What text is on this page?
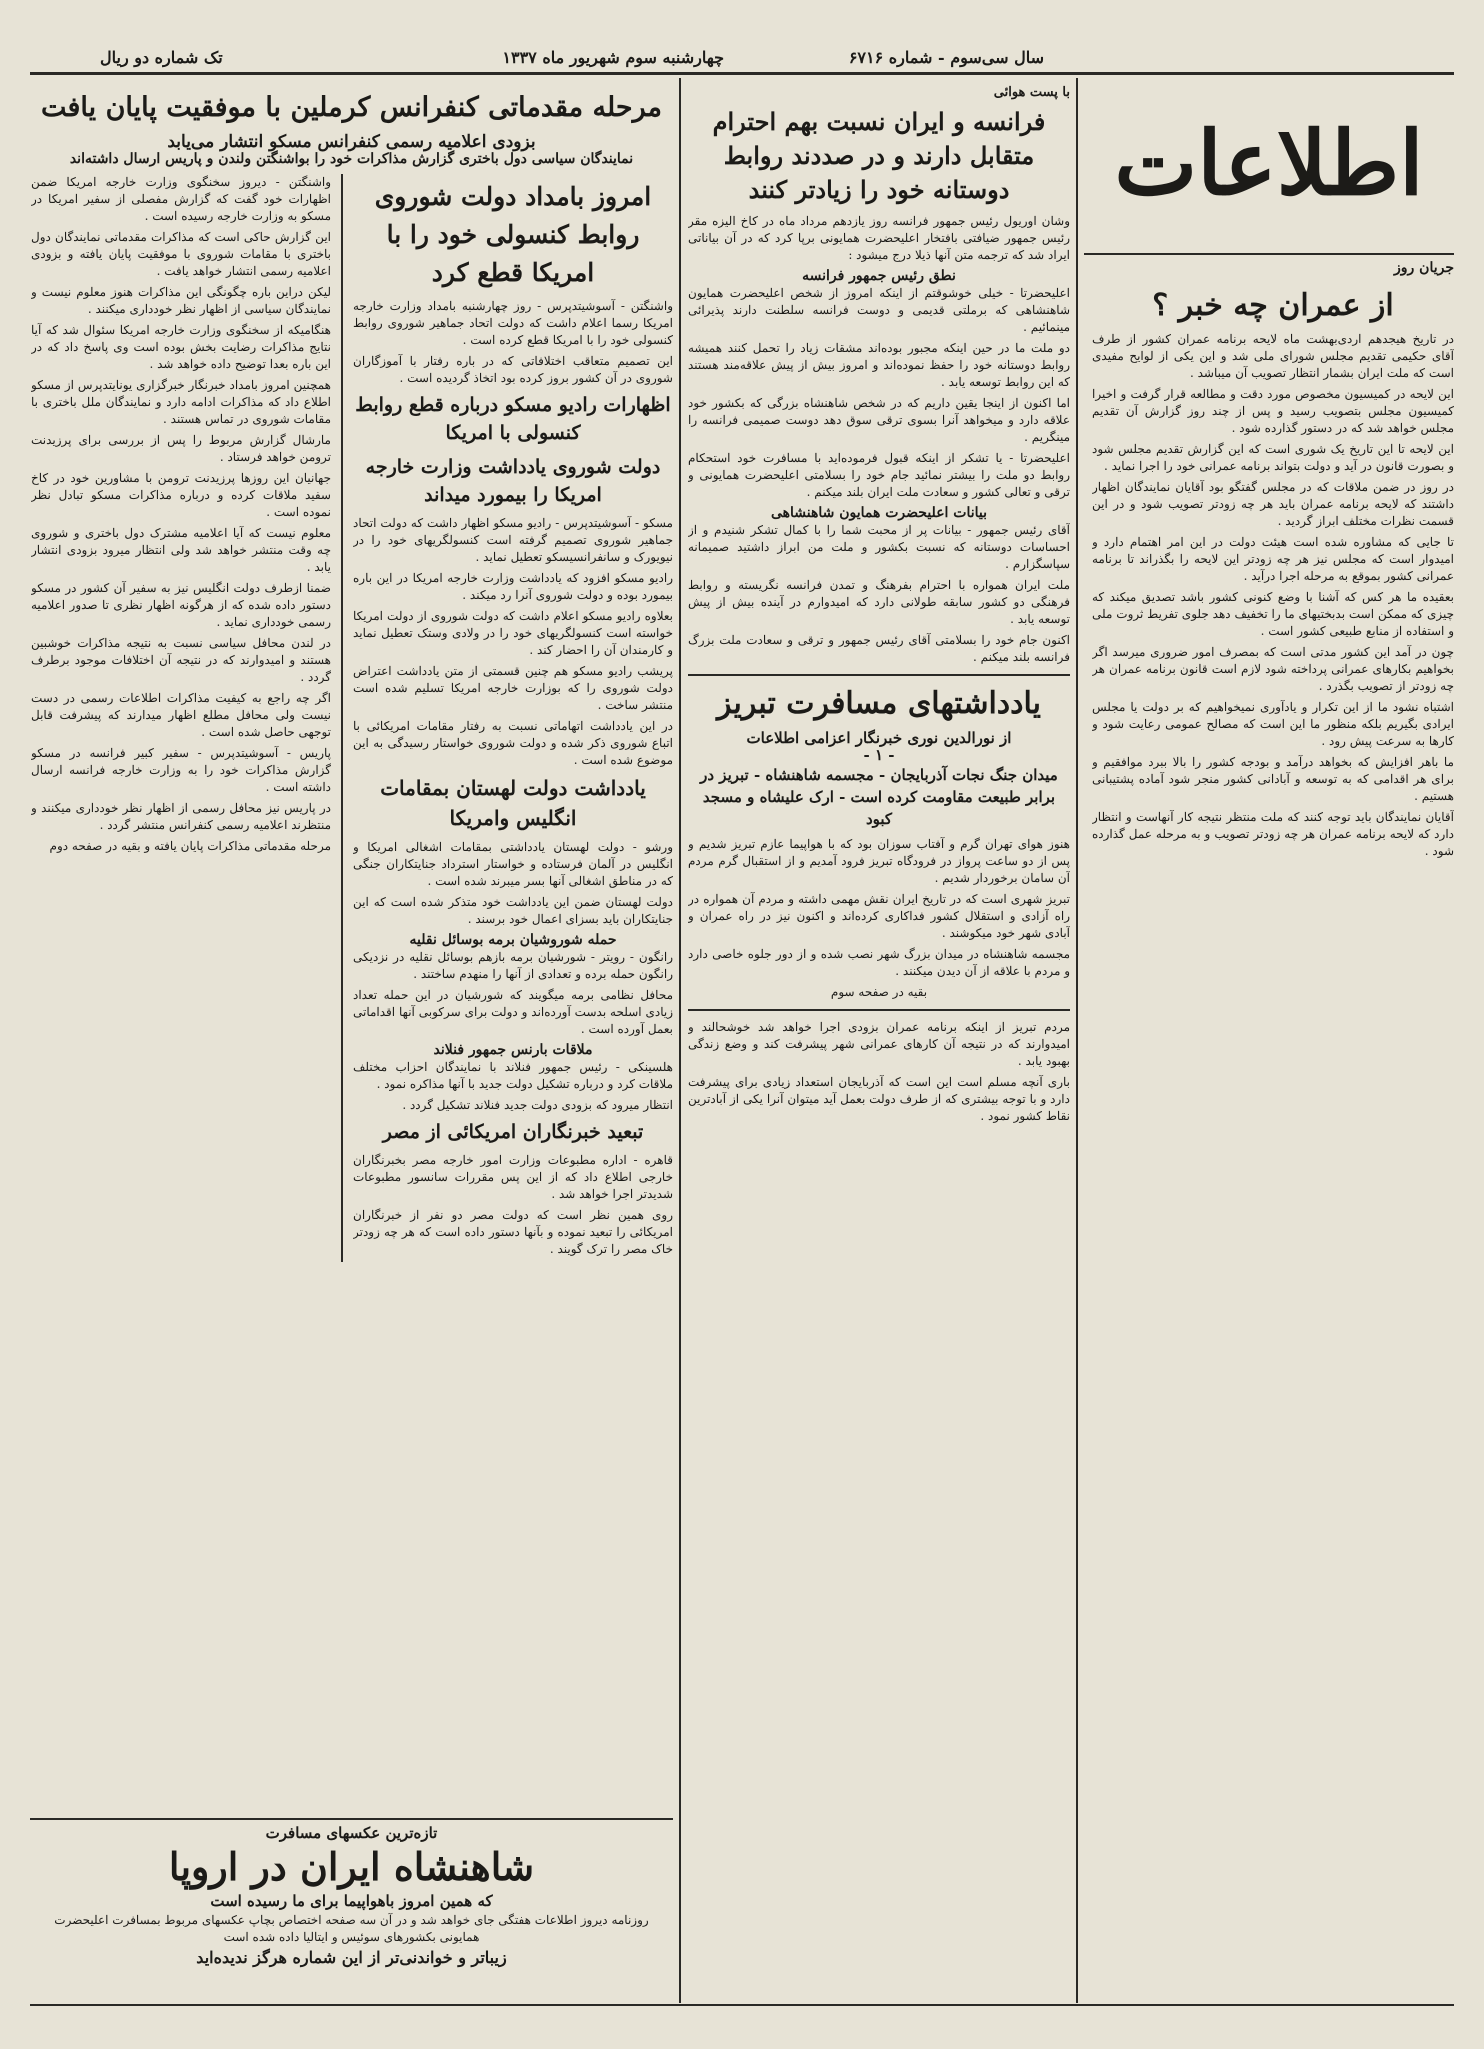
سال سی‌سوم - شماره ۶۷۱۶
چهارشنبه سوم شهریور ماه ۱۳۳۷
تک شماره دو ریال
اطلاعات
جریان روز
از عمران چه خبر ؟

در تاریخ هیجدهم اردی‌بهشت ماه لایحه برنامه عمران کشور از طرف آقای حکیمی تقدیم مجلس شورای ملی شد و این یکی از لوایح مفیدی است که ملت ایران بشمار انتظار تصویب آن میباشد .

این لایحه در کمیسیون مخصوص مورد دقت و مطالعه قرار گرفت و اخیرا کمیسیون مجلس بتصویب رسید و پس از چند روز گزارش آن تقدیم مجلس خواهد شد که در دستور گذارده شود .

این لایحه تا این تاریخ یک شوری است که این گزارش تقدیم مجلس شود و بصورت قانون در آید و دولت بتواند برنامه عمرانی خود را اجرا نماید .

در روز در ضمن ملاقات که در مجلس گفتگو بود آقایان نمایندگان اظهار داشتند که لایحه برنامه عمران باید هر چه زودتر تصویب شود و در این قسمت نظرات مختلف ابراز گردید .

تا جایی که مشاوره شده است هیئت دولت در این امر اهتمام دارد و امیدوار است که مجلس نیز هر چه زودتر این لایحه را بگذراند تا برنامه عمرانی کشور بموقع به مرحله اجرا درآید .

بعقیده ما هر کس که آشنا با وضع کنونی کشور باشد تصدیق میکند که چیزی که ممکن است بدبختیهای ما را تخفیف دهد جلوی تفریط ثروت ملی و استفاده از منابع طبیعی کشور است .

چون در آمد این کشور مدتی است که بمصرف امور ضروری میرسد اگر بخواهیم بکارهای عمرانی پرداخته شود لازم است قانون برنامه عمران هر چه زودتر از تصویب بگذرد .

اشتباه نشود ما از این تکرار و یادآوری نمیخواهیم که بر دولت یا مجلس ایرادی بگیریم بلکه منظور ما این است که مصالح عمومی رعایت شود و کارها به سرعت پیش رود .

ما باهر افزایش که بخواهد درآمد و بودجه کشور را بالا ببرد موافقیم و برای هر اقدامی که به توسعه و آبادانی کشور منجر شود آماده پشتیبانی هستیم .

آقایان نمایندگان باید توجه کنند که ملت منتظر نتیجه کار آنهاست و انتظار دارد که لایحه برنامه عمران هر چه زودتر تصویب و به مرحله عمل گذارده شود .

با پست هوائی
فرانسه و ایران نسبت بهم احترام متقابل دارند و در صددند روابط دوستانه خود را زیادتر کنند

وشان اوریول رئیس جمهور فرانسه روز یازدهم مرداد ماه در کاخ الیزه مقر رئیس جمهور ضیافتی بافتخار اعلیحضرت همایونی برپا کرد که در آن بیاناتی ایراد شد که ترجمه متن آنها ذیلا درج میشود :

نطق رئیس جمهور فرانسه

اعلیحضرتا - خیلی خوشوقتم از اینکه امروز از شخص اعلیحضرت همایون شاهنشاهی که برملتی قدیمی و دوست فرانسه سلطنت دارند پذیرائی مینمائیم .

دو ملت ما در حین اینکه مجبور بوده‌اند مشقات زیاد را تحمل کنند همیشه روابط دوستانه خود را حفظ نموده‌اند و امروز بیش از پیش علاقه‌مند هستند که این روابط توسعه یابد .

اما اکنون از اینجا یقین داریم که در شخص شاهنشاه بزرگی که بکشور خود علاقه دارد و میخواهد آنرا بسوی ترقی سوق دهد دوست صمیمی فرانسه را مینگریم .

اعلیحضرتا - یا تشکر از اینکه قبول فرموده‌اید با مسافرت خود استحکام روابط دو ملت را بیشتر نمائید جام خود را بسلامتی اعلیحضرت همایونی و ترقی و تعالی کشور و سعادت ملت ایران بلند میکنم .

بیانات اعلیحضرت همایون شاهنشاهی

آقای رئیس جمهور - بیانات پر از محبت شما را با کمال تشکر شنیدم و از احساسات دوستانه که نسبت بکشور و ملت من ابراز داشتید صمیمانه سپاسگزارم .

ملت ایران همواره با احترام بفرهنگ و تمدن فرانسه نگریسته و روابط فرهنگی دو کشور سابقه طولانی دارد که امیدوارم در آینده بیش از پیش توسعه یابد .

اکنون جام خود را بسلامتی آقای رئیس جمهور و ترقی و سعادت ملت بزرگ فرانسه بلند میکنم .

یادداشتهای مسافرت تبریز
از نورالدین نوری خبرنگار اعزامی اطلاعات
- ۱ -
میدان جنگ نجات آذربایجان - مجسمه شاهنشاه - تبریز در برابر طبیعت مقاومت کرده است - ارک علیشاه و مسجد کبود

هنوز هوای تهران گرم و آفتاب سوزان بود که با هواپیما عازم تبریز شدیم و پس از دو ساعت پرواز در فرودگاه تبریز فرود آمدیم و از استقبال گرم مردم آن سامان برخوردار شدیم .

تبریز شهری است که در تاریخ ایران نقش مهمی داشته و مردم آن همواره در راه آزادی و استقلال کشور فداکاری کرده‌اند و اکنون نیز در راه عمران و آبادی شهر خود میکوشند .

مجسمه شاهنشاه در میدان بزرگ شهر نصب شده و از دور جلوه خاصی دارد و مردم با علاقه از آن دیدن میکنند .

بقیه در صفحه سوم

مردم تبریز از اینکه برنامه عمران بزودی اجرا خواهد شد خوشحالند و امیدوارند که در نتیجه آن کارهای عمرانی شهر پیشرفت کند و وضع زندگی بهبود یابد .

باری آنچه مسلم است این است که آذربایجان استعداد زیادی برای پیشرفت دارد و با توجه بیشتری که از طرف دولت بعمل آید میتوان آنرا یکی از آبادترین نقاط کشور نمود .

مرحله مقدماتی کنفرانس کرملین با موفقیت پایان یافت
بزودی اعلامیه رسمی کنفرانس مسکو انتشار می‌یابد
نمایندگان سیاسی دول باختری گزارش مذاکرات خود را بواشنگتن ولندن و پاریس ارسال داشته‌اند
امروز بامداد دولت شوروی روابط کنسولی خود را با امریکا قطع کرد

واشنگتن - آسوشیتدپرس - روز چهارشنبه بامداد وزارت خارجه امریکا رسما اعلام داشت که دولت اتحاد جماهیر شوروی روابط کنسولی خود را با امریکا قطع کرده است .

این تصمیم متعاقب اختلافاتی که در باره رفتار با آموزگاران شوروی در آن کشور بروز کرده بود اتخاذ گردیده است .

اظهارات رادیو مسکو درباره قطع روابط کنسولی با امریکا
دولت شوروی یادداشت وزارت خارجه امریکا را بیمورد میداند

مسکو - آسوشیتدپرس - رادیو مسکو اظهار داشت که دولت اتحاد جماهیر شوروی تصمیم گرفته است کنسولگریهای خود را در نیویورک و سانفرانسیسکو تعطیل نماید .

رادیو مسکو افزود که یادداشت وزارت خارجه امریکا در این باره بیمورد بوده و دولت شوروی آنرا رد میکند .

بعلاوه رادیو مسکو اعلام داشت که دولت شوروی از دولت امریکا خواسته است کنسولگریهای خود را در ولادی وستک تعطیل نماید و کارمندان آن را احضار کند .

پریشب رادیو مسکو هم چنین قسمتی از متن یادداشت اعتراض دولت شوروی را که بوزارت خارجه امریکا تسلیم شده است منتشر ساخت .

در این یادداشت اتهاماتی نسبت به رفتار مقامات امریکائی با اتباع شوروی ذکر شده و دولت شوروی خواستار رسیدگی به این موضوع شده است .

یادداشت دولت لهستان بمقامات انگلیس وامریکا

ورشو - دولت لهستان یادداشتی بمقامات اشغالی امریکا و انگلیس در آلمان فرستاده و خواستار استرداد جنایتکاران جنگی که در مناطق اشغالی آنها بسر میبرند شده است .

دولت لهستان ضمن این یادداشت خود متذکر شده است که این جنایتکاران باید بسزای اعمال خود برسند .

حمله شوروشیان برمه بوسائل نقلیه

رانگون - رویتر - شورشیان برمه بازهم بوسائل نقلیه در نزدیکی رانگون حمله برده و تعدادی از آنها را منهدم ساختند .

محافل نظامی برمه میگویند که شورشیان در این حمله تعداد زیادی اسلحه بدست آورده‌اند و دولت برای سرکوبی آنها اقداماتی بعمل آورده است .

ملاقات بارنس جمهور فنلاند

هلسینکی - رئیس جمهور فنلاند با نمایندگان احزاب مختلف ملاقات کرد و درباره تشکیل دولت جدید با آنها مذاکره نمود .

انتظار میرود که بزودی دولت جدید فنلاند تشکیل گردد .

تبعید خبرنگاران امریکائی از مصر

قاهره - اداره مطبوعات وزارت امور خارجه مصر بخبرنگاران خارجی اطلاع داد که از این پس مقررات سانسور مطبوعات شدیدتر اجرا خواهد شد .

روی همین نظر است که دولت مصر دو نفر از خبرنگاران امریکائی را تبعید نموده و بآنها دستور داده است که هر چه زودتر خاک مصر را ترک گویند .

واشنگتن - دیروز سخنگوی وزارت خارجه امریکا ضمن اظهارات خود گفت که گزارش مفصلی از سفیر امریکا در مسکو به وزارت خارجه رسیده است .

این گزارش حاکی است که مذاکرات مقدماتی نمایندگان دول باختری با مقامات شوروی با موفقیت پایان یافته و بزودی اعلامیه رسمی انتشار خواهد یافت .

لیکن دراین باره چگونگی این مذاکرات هنوز معلوم نیست و نمایندگان سیاسی از اظهار نظر خودداری میکنند .

هنگامیکه از سخنگوی وزارت خارجه امریکا سئوال شد که آیا نتایج مذاکرات رضایت بخش بوده است وی پاسخ داد که در این باره بعدا توضیح داده خواهد شد .

همچنین امروز بامداد خبرنگار خبرگزاری یونایتدپرس از مسکو اطلاع داد که مذاکرات ادامه دارد و نمایندگان ملل باختری با مقامات شوروی در تماس هستند .

مارشال گزارش مربوط را پس از بررسی برای پرزیدنت ترومن خواهد فرستاد .

جهانیان این روزها پرزیدنت ترومن با مشاورین خود در کاخ سفید ملاقات کرده و درباره مذاکرات مسکو تبادل نظر نموده است .

معلوم نیست که آیا اعلامیه مشترک دول باختری و شوروی چه وقت منتشر خواهد شد ولی انتظار میرود بزودی انتشار یابد .

ضمنا ازطرف دولت انگلیس نیز به سفیر آن کشور در مسکو دستور داده شده که از هرگونه اظهار نظری تا صدور اعلامیه رسمی خودداری نماید .

در لندن محافل سیاسی نسبت به نتیجه مذاکرات خوشبین هستند و امیدوارند که در نتیجه آن اختلافات موجود برطرف گردد .

اگر چه راجع به کیفیت مذاکرات اطلاعات رسمی در دست نیست ولی محافل مطلع اظهار میدارند که پیشرفت قابل توجهی حاصل شده است .

پاریس - آسوشیتدپرس - سفیر کبیر فرانسه در مسکو گزارش مذاکرات خود را به وزارت خارجه فرانسه ارسال داشته است .

در پاریس نیز محافل رسمی از اظهار نظر خودداری میکنند و منتظرند اعلامیه رسمی کنفرانس منتشر گردد .

مرحله مقدماتی مذاکرات پایان یافته و بقیه در صفحه دوم

تازه‌ترین عکسهای مسافرت
شاهنشاه ایران در اروپا
که همین امروز باهواپیما برای ما رسیده است
روزنامه دیروز اطلاعات هفتگی جای خواهد شد و در آن سه صفحه اختصاص بچاپ عکسهای مربوط بمسافرت اعلیحضرت همایونی بکشورهای سوئیس و ایتالیا داده شده است
زیباتر و خواندنی‌تر از این شماره هرگز ندیده‌اید
